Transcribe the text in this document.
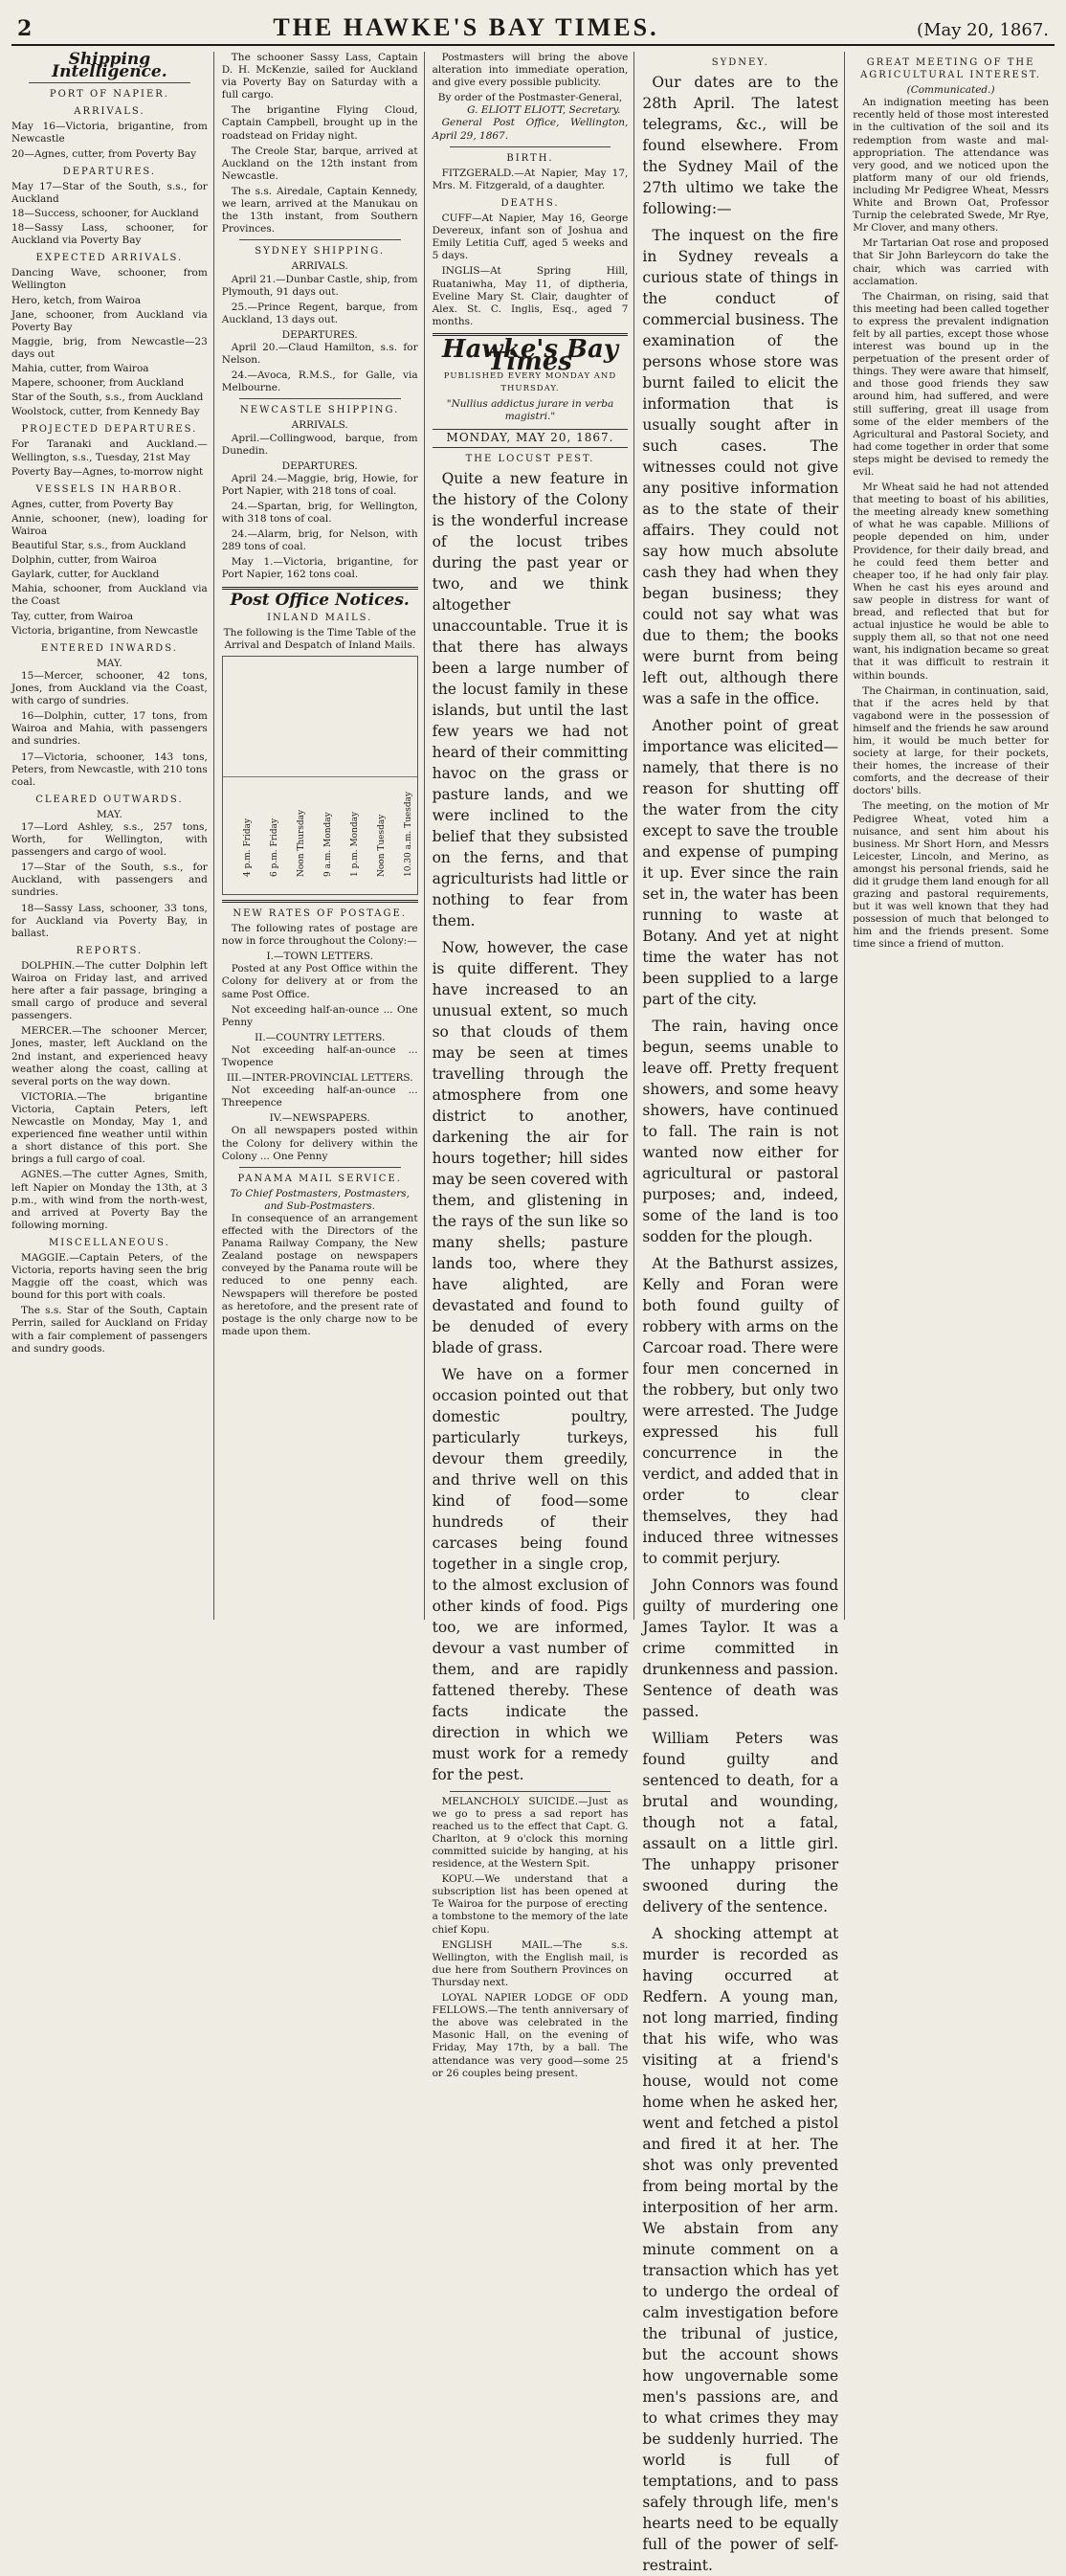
2	THE HAWKE'S BAY TIMES.	(May 20, 1867.
Shipping Intelligence.
PORT OF NAPIER.
ARRIVALS.
May 16—Victoria, brigantine, from Newcastle
20—Agnes, cutter, from Poverty Bay
DEPARTURES.
May 17—Star of the South, s.s., for Auckland
18—Success, schooner, for Auckland
18—Sassy Lass, schooner, for Auckland via Poverty Bay
EXPECTED ARRIVALS.
Dancing Wave, schooner, from Wellington
Hero, ketch, from Wairoa
Jane, schooner, from Auckland via Poverty Bay
Maggie, brig, from Newcastle—23 days out
Mahia, cutter, from Wairoa
Mapere, schooner, from Auckland
Star of the South, s.s., from Auckland
Woolstock, cutter, from Kennedy Bay
PROJECTED DEPARTURES.
For Taranaki and Auckland.—Wellington, s.s., Tuesday, 21st May
Poverty Bay—Agnes, to-morrow night
VESSELS IN HARBOR.
Agnes, cutter, from Poverty Bay
Annie, schooner, (new), loading for Wairoa
Beautiful Star, s.s., from Auckland
Dolphin, cutter, from Wairoa
Gaylark, cutter, for Auckland
Mahia, schooner, from Auckland via the Coast
Tay, cutter, from Wairoa
Victoria, brigantine, from Newcastle
ENTERED INWARDS.
MAY.

15—Mercer, schooner, 42 tons, Jones, from Auckland via the Coast, with cargo of sundries.

16—Dolphin, cutter, 17 tons, from Wairoa and Mahia, with passengers and sundries.

17—Victoria, schooner, 143 tons, Peters, from Newcastle, with 210 tons coal.

CLEARED OUTWARDS.
MAY.

17—Lord Ashley, s.s., 257 tons, Worth, for Wellington, with passengers and cargo of wool.

17—Star of the South, s.s., for Auckland, with passengers and sundries.

18—Sassy Lass, schooner, 33 tons, for Auckland via Poverty Bay, in ballast.

REPORTS.

DOLPHIN.—The cutter Dolphin left Wairoa on Friday last, and arrived here after a fair passage, bringing a small cargo of produce and several passengers.

MERCER.—The schooner Mercer, Jones, master, left Auckland on the 2nd instant, and experienced heavy weather along the coast, calling at several ports on the way down.

VICTORIA.—The brigantine Victoria, Captain Peters, left Newcastle on Monday, May 1, and experienced fine weather until within a short distance of this port. She brings a full cargo of coal.

AGNES.—The cutter Agnes, Smith, left Napier on Monday the 13th, at 3 p.m., with wind from the north-west, and arrived at Poverty Bay the following morning.

MISCELLANEOUS.

MAGGIE.—Captain Peters, of the Victoria, reports having seen the brig Maggie off the coast, which was bound for this port with coals.

The s.s. Star of the South, Captain Perrin, sailed for Auckland on Friday with a fair complement of passengers and sundry goods.

The schooner Sassy Lass, Captain D. H. McKenzie, sailed for Auckland via Poverty Bay on Saturday with a full cargo.

The brigantine Flying Cloud, Captain Campbell, brought up in the roadstead on Friday night.

The Creole Star, barque, arrived at Auckland on the 12th instant from Newcastle.

The s.s. Airedale, Captain Kennedy, we learn, arrived at the Manukau on the 13th instant, from Southern Provinces.

SYDNEY SHIPPING.
ARRIVALS.

April 21.—Dunbar Castle, ship, from Plymouth, 91 days out.

25.—Prince Regent, barque, from Auckland, 13 days out.

DEPARTURES.

April 20.—Claud Hamilton, s.s. for Nelson.

24.—Avoca, R.M.S., for Galle, via Melbourne.

NEWCASTLE SHIPPING.
ARRIVALS.

April.—Collingwood, barque, from Dunedin.

DEPARTURES.

April 24.—Maggie, brig, Howie, for Port Napier, with 218 tons of coal.

24.—Spartan, brig, for Wellington, with 318 tons of coal.

24.—Alarm, brig, for Nelson, with 289 tons of coal.

May 1.—Victoria, brigantine, for Port Napier, 162 tons coal.

Post Office Notices.
INLAND MAILS.
The following is the Time Table of the Arrival and Despatch of Inland Mails.
4 p.m. Friday 6 p.m. Friday Noon Thursday 9 a.m. Monday 1 p.m. Monday Noon Tuesday 10.30 a.m. Tuesday
NEW RATES OF POSTAGE.

The following rates of postage are now in force throughout the Colony:—

I.—TOWN LETTERS.

Posted at any Post Office within the Colony for delivery at or from the same Post Office.

Not exceeding half-an-ounce ... One Penny

II.—COUNTRY LETTERS.

Not exceeding half-an-ounce ... Twopence

III.—INTER-PROVINCIAL LETTERS.

Not exceeding half-an-ounce ... Threepence

IV.—NEWSPAPERS.

On all newspapers posted within the Colony for delivery within the Colony ... One Penny

PANAMA MAIL SERVICE.
To Chief Postmasters, Postmasters, and Sub-Postmasters.

In consequence of an arrangement effected with the Directors of the Panama Railway Company, the New Zealand postage on newspapers conveyed by the Panama route will be reduced to one penny each. Newspapers will therefore be posted as heretofore, and the present rate of postage is the only charge now to be made upon them.

Postmasters will bring the above alteration into immediate operation, and give every possible publicity.

By order of the Postmaster-General,
G. ELIOTT ELIOTT, Secretary.

General Post Office, Wellington, April 29, 1867.

BIRTH.

FITZGERALD.—At Napier, May 17, Mrs. M. Fitzgerald, of a daughter.

DEATHS.

CUFF—At Napier, May 16, George Devereux, infant son of Joshua and Emily Letitia Cuff, aged 5 weeks and 5 days.

INGLIS—At Spring Hill, Ruataniwha, May 11, of diptheria, Eveline Mary St. Clair, daughter of Alex. St. C. Inglis, Esq., aged 7 months.

Hawke's Bay Times
PUBLISHED EVERY MONDAY AND THURSDAY.
"Nullius addictus jurare in verba magistri."
MONDAY, MAY 20, 1867.
THE LOCUST PEST.

Quite a new feature in the history of the Colony is the wonderful increase of the locust tribes during the past year or two, and we think altogether unaccountable. True it is that there has always been a large number of the locust family in these islands, but until the last few years we had not heard of their committing havoc on the grass or pasture lands, and we were inclined to the belief that they subsisted on the ferns, and that agriculturists had little or nothing to fear from them.

Now, however, the case is quite different. They have increased to an unusual extent, so much so that clouds of them may be seen at times travelling through the atmosphere from one district to another, darkening the air for hours together; hill sides may be seen covered with them, and glistening in the rays of the sun like so many shells; pasture lands too, where they have alighted, are devastated and found to be denuded of every blade of grass.

We have on a former occasion pointed out that domestic poultry, particularly turkeys, devour them greedily, and thrive well on this kind of food—some hundreds of their carcases being found together in a single crop, to the almost exclusion of other kinds of food. Pigs too, we are informed, devour a vast number of them, and are rapidly fattened thereby. These facts indicate the direction in which we must work for a remedy for the pest.

MELANCHOLY SUICIDE.—Just as we go to press a sad report has reached us to the effect that Capt. G. Charlton, at 9 o'clock this morning committed suicide by hanging, at his residence, at the Western Spit.

KOPU.—We understand that a subscription list has been opened at Te Wairoa for the purpose of erecting a tombstone to the memory of the late chief Kopu.

ENGLISH MAIL.—The s.s. Wellington, with the English mail, is due here from Southern Provinces on Thursday next.

LOYAL NAPIER LODGE OF ODD FELLOWS.—The tenth anniversary of the above was celebrated in the Masonic Hall, on the evening of Friday, May 17th, by a ball. The attendance was very good—some 25 or 26 couples being present.

SYDNEY.

Our dates are to the 28th April. The latest telegrams, &c., will be found elsewhere. From the Sydney Mail of the 27th ultimo we take the following:—

The inquest on the fire in Sydney reveals a curious state of things in the conduct of commercial business. The examination of the persons whose store was burnt failed to elicit the information that is usually sought after in such cases. The witnesses could not give any positive information as to the state of their affairs. They could not say how much absolute cash they had when they began business; they could not say what was due to them; the books were burnt from being left out, although there was a safe in the office.

Another point of great importance was elicited—namely, that there is no reason for shutting off the water from the city except to save the trouble and expense of pumping it up. Ever since the rain set in, the water has been running to waste at Botany. And yet at night time the water has not been supplied to a large part of the city.

The rain, having once begun, seems unable to leave off. Pretty frequent showers, and some heavy showers, have continued to fall. The rain is not wanted now either for agricultural or pastoral purposes; and, indeed, some of the land is too sodden for the plough.

At the Bathurst assizes, Kelly and Foran were both found guilty of robbery with arms on the Carcoar road. There were four men concerned in the robbery, but only two were arrested. The Judge expressed his full concurrence in the verdict, and added that in order to clear themselves, they had induced three witnesses to commit perjury.

John Connors was found guilty of murdering one James Taylor. It was a crime committed in drunkenness and passion. Sentence of death was passed.

William Peters was found guilty and sentenced to death, for a brutal and wounding, though not a fatal, assault on a little girl. The unhappy prisoner swooned during the delivery of the sentence.

A shocking attempt at murder is recorded as having occurred at Redfern. A young man, not long married, finding that his wife, who was visiting at a friend's house, would not come home when he asked her, went and fetched a pistol and fired it at her. The shot was only prevented from being mortal by the interposition of her arm. We abstain from any minute comment on a transaction which has yet to undergo the ordeal of calm investigation before the tribunal of justice, but the account shows how ungovernable some men's passions are, and to what crimes they may be suddenly hurried. The world is full of temptations, and to pass safely through life, men's hearts need to be equally full of the power of self-restraint.

GREAT MEETING OF THE AGRICULTURAL INTEREST.
(Communicated.)

An indignation meeting has been recently held of those most interested in the cultivation of the soil and its redemption from waste and mal-appropriation. The attendance was very good, and we noticed upon the platform many of our old friends, including Mr Pedigree Wheat, Messrs White and Brown Oat, Professor Turnip the celebrated Swede, Mr Rye, Mr Clover, and many others.

Mr Tartarian Oat rose and proposed that Sir John Barleycorn do take the chair, which was carried with acclamation.

The Chairman, on rising, said that this meeting had been called together to express the prevalent indignation felt by all parties, except those whose interest was bound up in the perpetuation of the present order of things. They were aware that himself, and those good friends they saw around him, had suffered, and were still suffering, great ill usage from some of the elder members of the Agricultural and Pastoral Society, and had come together in order that some steps might be devised to remedy the evil.

Mr Wheat said he had not attended that meeting to boast of his abilities, the meeting already knew something of what he was capable. Millions of people depended on him, under Providence, for their daily bread, and he could feed them better and cheaper too, if he had only fair play. When he cast his eyes around and saw people in distress for want of bread, and reflected that but for actual injustice he would be able to supply them all, so that not one need want, his indignation became so great that it was difficult to restrain it within bounds.

The Chairman, in continuation, said, that if the acres held by that vagabond were in the possession of himself and the friends he saw around him, it would be much better for society at large, for their pockets, their homes, the increase of their comforts, and the decrease of their doctors' bills.

The meeting, on the motion of Mr Pedigree Wheat, voted him a nuisance, and sent him about his business. Mr Short Horn, and Messrs Leicester, Lincoln, and Merino, as amongst his personal friends, said he did it grudge them land enough for all grazing and pastoral requirements, but it was well known that they had possession of much that belonged to him and the friends present. Some time since a friend of mutton.
